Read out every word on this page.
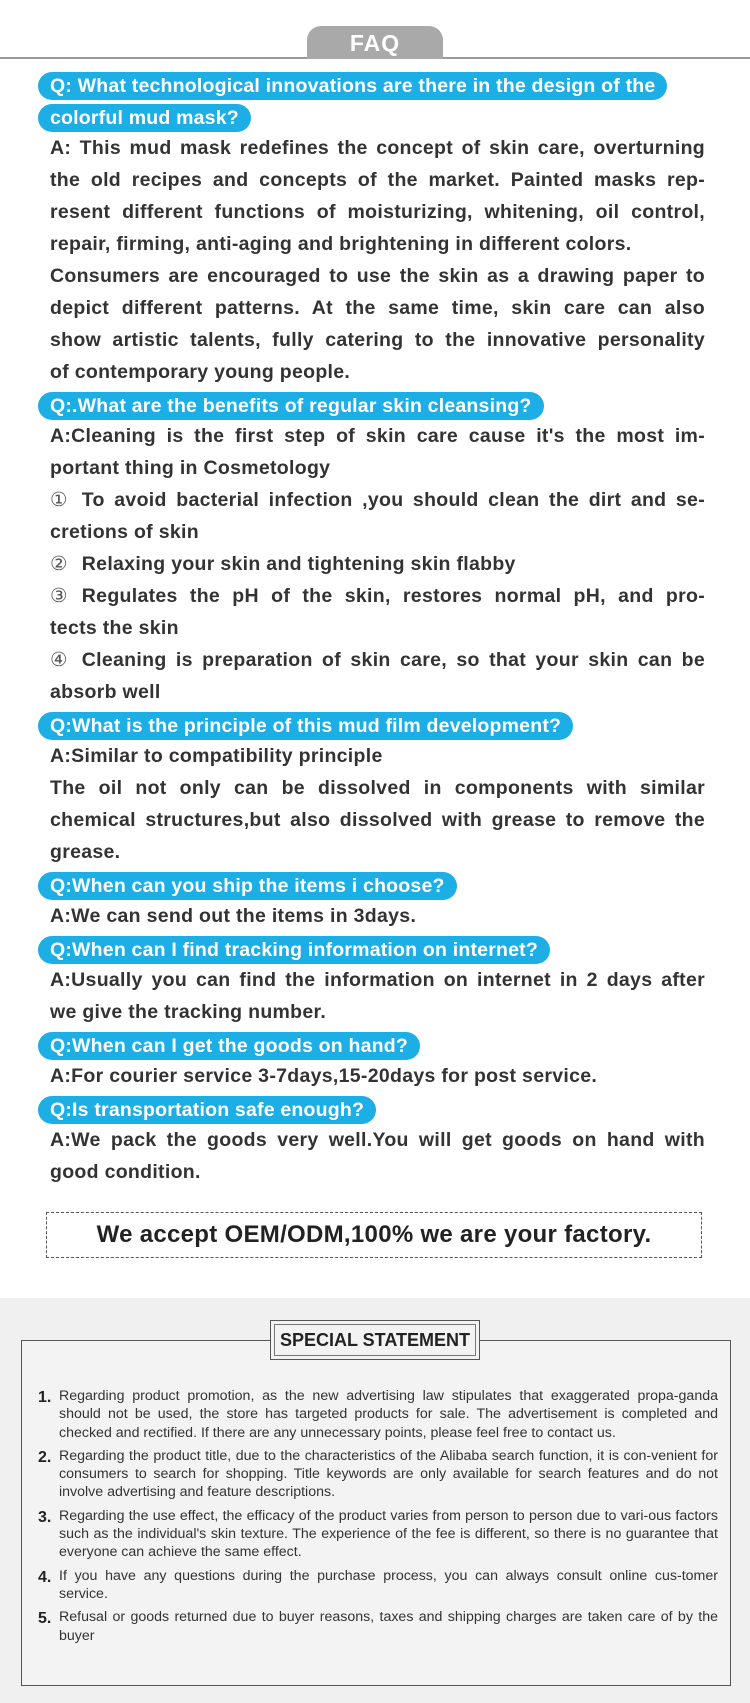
FAQ
Q: What technological innovations are there in the design of the
colorful mud mask?
A: This mud mask redefines the concept of skin care, overturning
the old recipes and concepts of the market. Painted masks rep-
resent different functions of moisturizing, whitening, oil control,
repair, firming, anti-aging and brightening in different colors.
Consumers are encouraged to use the skin as a drawing paper to
depict different patterns. At the same time, skin care can also
show artistic talents, fully catering to the innovative personality
of contemporary young people.
Q:.What are the benefits of regular skin cleansing?
A:Cleaning is the first step of skin care cause it's the most im-
portant thing in Cosmetology
① To avoid bacterial infection ,you should clean the dirt and se-
cretions of skin
② Relaxing your skin and tightening skin flabby
③ Regulates the pH of the skin, restores normal pH, and pro-
tects the skin
④ Cleaning is preparation of skin care, so that your skin can be
absorb well
Q:What is the principle of this mud film development?
A:Similar to compatibility principle
The oil not only can be dissolved in components with similar
chemical structures,but also dissolved with grease to remove the
grease.
Q:When can you ship the items i choose?
A:We can send out the items in 3days.
Q:When can I find tracking information on internet?
A:Usually you can find the information on internet in 2 days after
we give the tracking number.
Q:When can I get the goods on hand?
A:For courier service 3-7days,15-20days for post service.
Q:Is transportation safe enough?
A:We pack the goods very well.You will get goods on hand with
good condition.
We accept OEM/ODM,100% we are your factory.
1. Regarding product promotion, as the new advertising law stipulates that exaggerated propa-ganda should not be used, the store has targeted products for sale. The advertisement is completed and checked and rectified. If there are any unnecessary points, please feel free to contact us.
2. Regarding the product title, due to the characteristics of the Alibaba search function, it is con-venient for consumers to search for shopping. Title keywords are only available for search features and do not involve advertising and feature descriptions.
3. Regarding the use effect, the efficacy of the product varies from person to person due to vari-ous factors such as the individual's skin texture. The experience of the fee is different, so there is no guarantee that everyone can achieve the same effect.
4. If you have any questions during the purchase process, you can always consult online cus-tomer service.
5. Refusal or goods returned due to buyer reasons, taxes and shipping charges are taken care of by the buyer
SPECIAL STATEMENT
